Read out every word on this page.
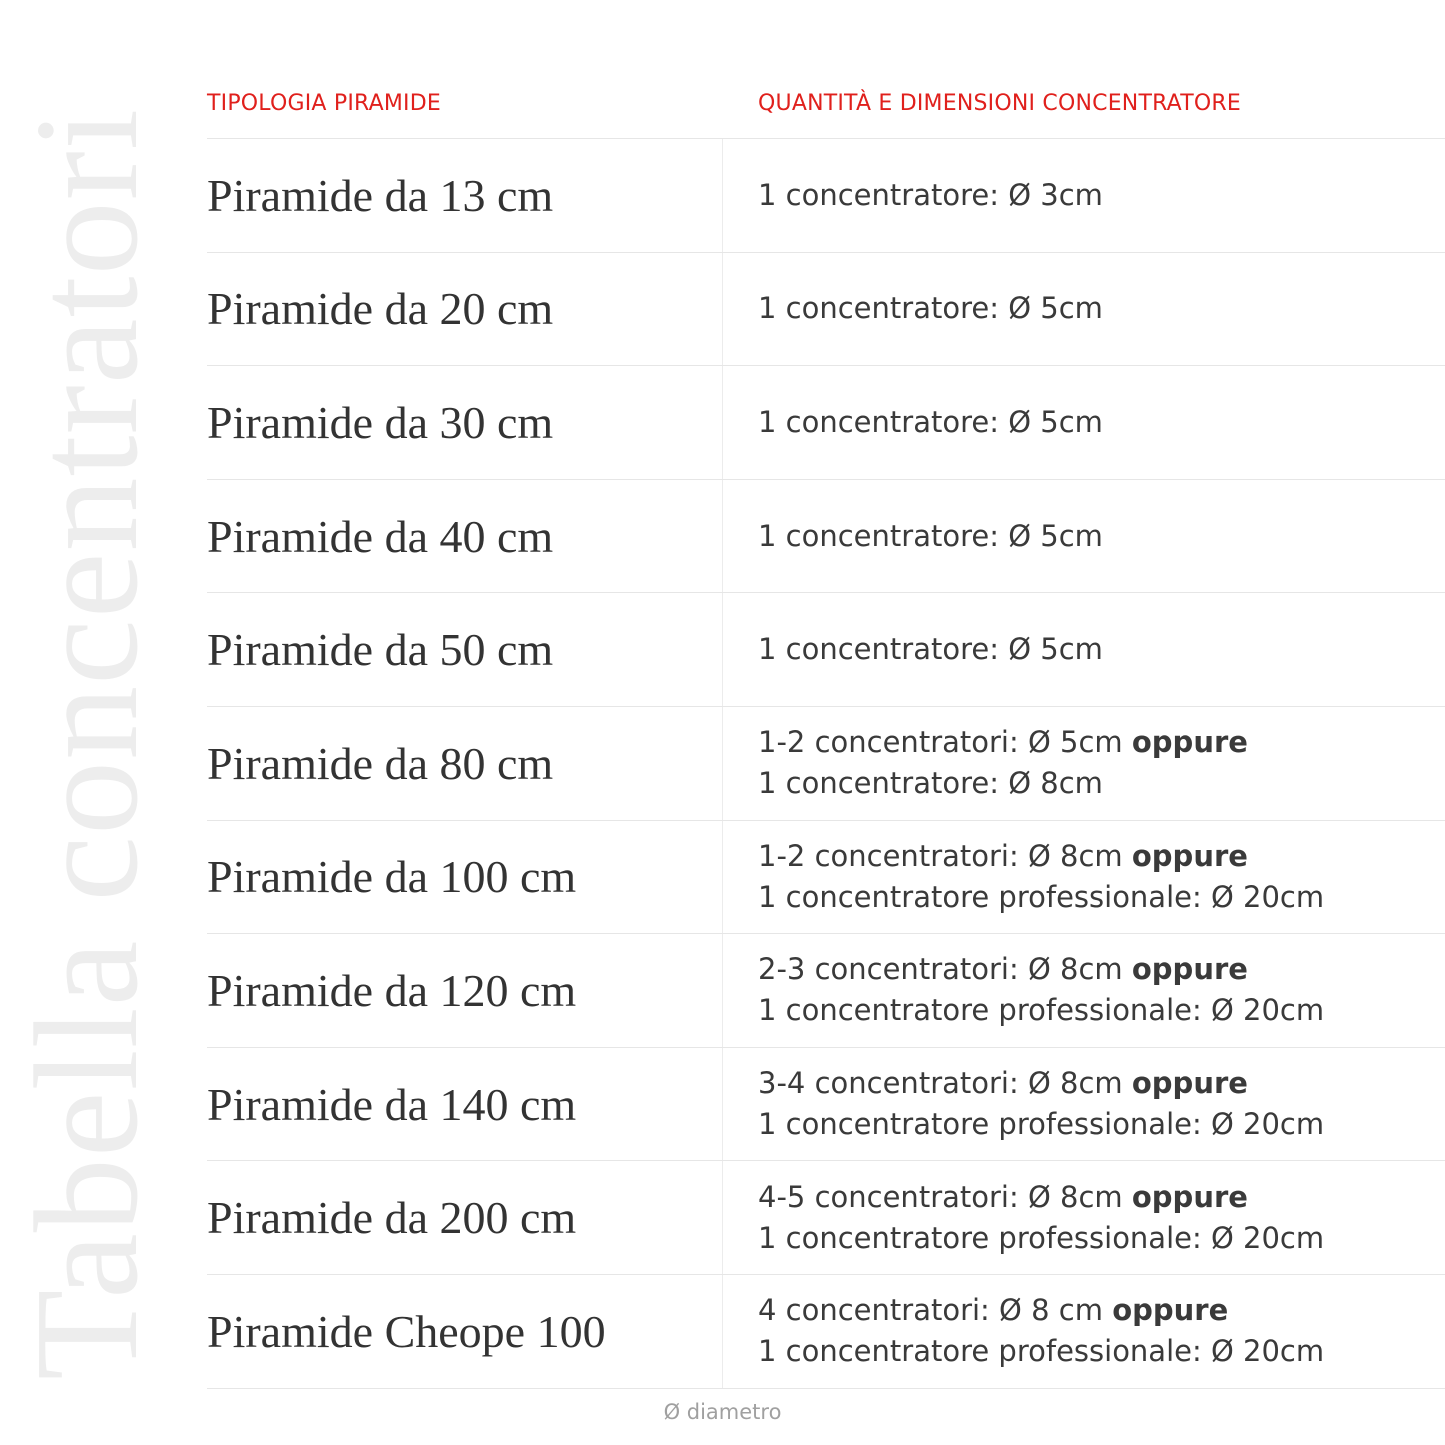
Tabella concentratori
TIPOLOGIA PIRAMIDE	QUANTITÀ E DIMENSIONI CONCENTRATORE
Piramide da 13 cm	1 concentratore: Ø 3cm
Piramide da 20 cm	1 concentratore: Ø 5cm
Piramide da 30 cm	1 concentratore: Ø 5cm
Piramide da 40 cm	1 concentratore: Ø 5cm
Piramide da 50 cm	1 concentratore: Ø 5cm
Piramide da 80 cm	1-2 concentratori: Ø 5cm oppure
1 concentratore: Ø 8cm
Piramide da 100 cm	1-2 concentratori: Ø 8cm oppure
1 concentratore professionale: Ø 20cm
Piramide da 120 cm	2-3 concentratori: Ø 8cm oppure
1 concentratore professionale: Ø 20cm
Piramide da 140 cm	3-4 concentratori: Ø 8cm oppure
1 concentratore professionale: Ø 20cm
Piramide da 200 cm	4-5 concentratori: Ø 8cm oppure
1 concentratore professionale: Ø 20cm
Piramide Cheope 100	4 concentratori: Ø 8 cm oppure
1 concentratore professionale: Ø 20cm
Ø diametro
